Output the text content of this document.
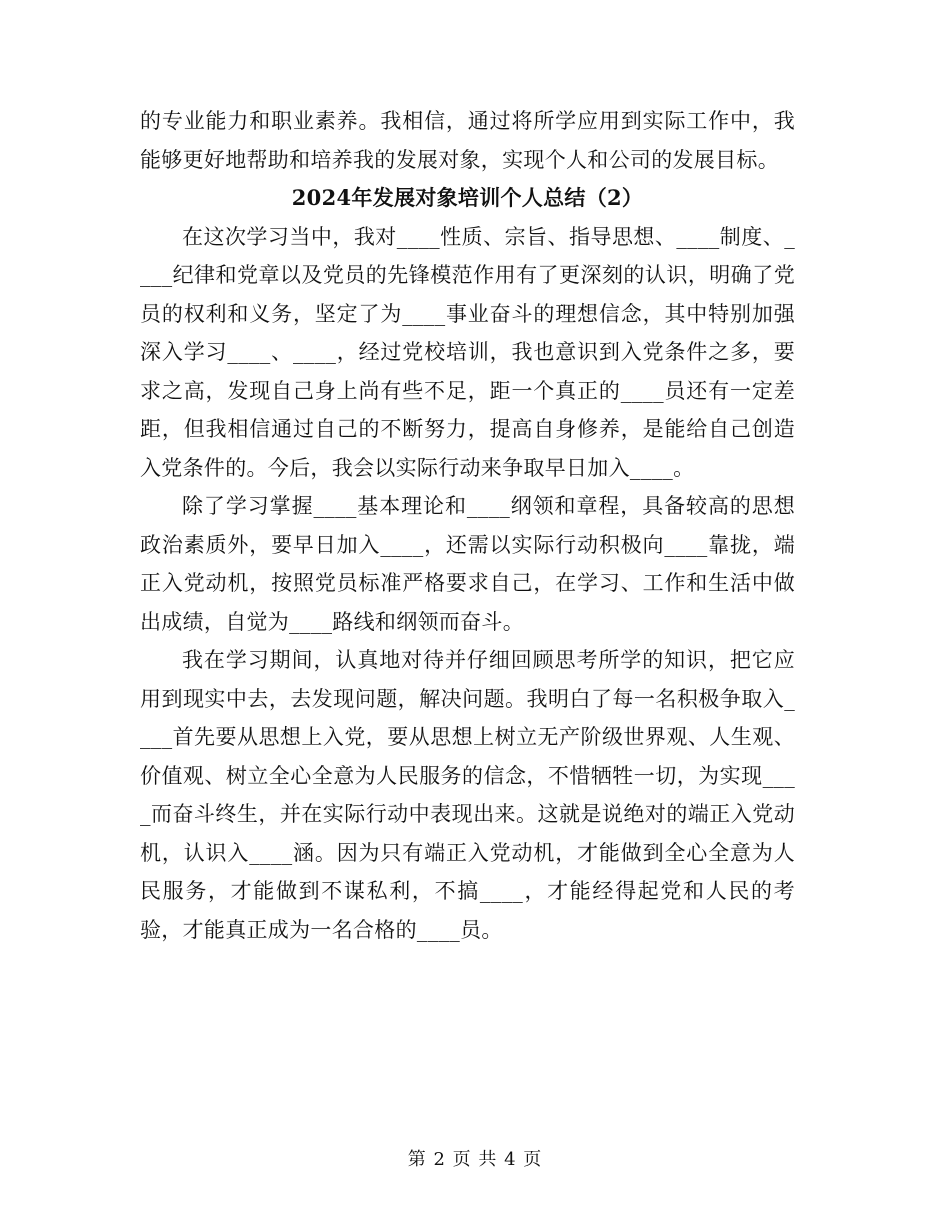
的专业能力和职业素养。我相信，通过将所学应用到实际工作中，我能够更好地帮助和培养我的发展对象，实现个人和公司的发展目标。

2024年发展对象培训个人总结（2）

在这次学习当中，我对____性质、宗旨、指导思想、____制度、____纪律和党章以及党员的先锋模范作用有了更深刻的认识，明确了党员的权利和义务，坚定了为____事业奋斗的理想信念，其中特别加强深入学习____、____，经过党校培训，我也意识到入党条件之多，要求之高，发现自己身上尚有些不足，距一个真正的____员还有一定差距，但我相信通过自己的不断努力，提高自身修养，是能给自己创造入党条件的。今后，我会以实际行动来争取早日加入____。

除了学习掌握____基本理论和____纲领和章程，具备较高的思想政治素质外，要早日加入____，还需以实际行动积极向____靠拢，端正入党动机，按照党员标准严格要求自己，在学习、工作和生活中做出成绩，自觉为____路线和纲领而奋斗。

我在学习期间，认真地对待并仔细回顾思考所学的知识，把它应用到现实中去，去发现问题，解决问题。我明白了每一名积极争取入____首先要从思想上入党，要从思想上树立无产阶级世界观、人生观、价值观、树立全心全意为人民服务的信念，不惜牺牲一切，为实现____而奋斗终生，并在实际行动中表现出来。这就是说绝对的端正入党动机，认识入____涵。因为只有端正入党动机，才能做到全心全意为人民服务，才能做到不谋私利，不搞____，才能经得起党和人民的考验，才能真正成为一名合格的____员。

第 2 页 共 4 页
